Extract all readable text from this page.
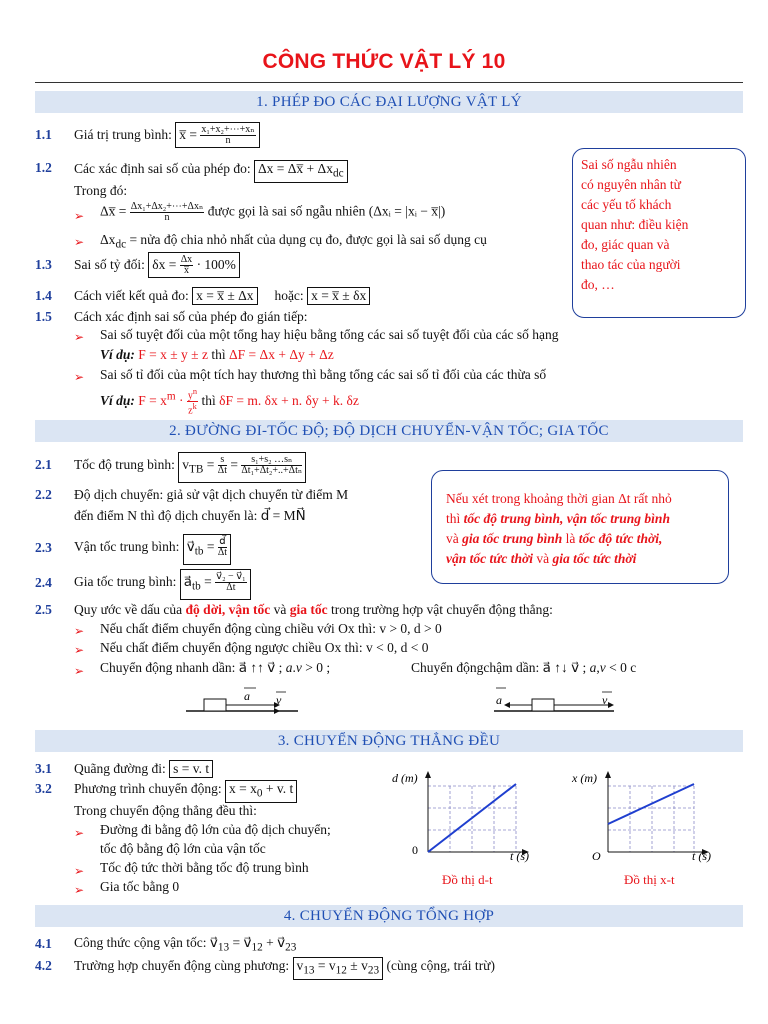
CÔNG THỨC VẬT LÝ 10
1. PHÉP ĐO CÁC ĐẠI LƯỢNG VẬT LÝ
1.1 Giá trị trung bình: x̅ = $\frac{\text{x₁+x₂+⋯+xₙ}}{n}$
1.2 Các xác định sai số của phép đo: Δx = Δx̅ + $\Delta x_{dc}$
Trong đó:
➢ Δx̅ = $\frac{\text{Δx₁+Δx₂+⋯+Δxₙ}}{n}$ được gọi là sai số ngẫu nhiên (Δxᵢ = |xᵢ − x̅|)
➢ $\Delta x_{dc}$ = nửa độ chia nhỏ nhất của dụng cụ đo, được gọi là sai số dụng cụ
1.3 Sai số tỷ đối: $\delta x = \frac{\Delta x}{x̅} \cdot 100\%$
1.4 Cách viết kết quả đo: x = x̅ ± Δx hoặc: x = x̅ ± δx
1.5 Cách xác định sai số của phép đo gián tiếp:
➢ Sai số tuyệt đối của một tổng hay hiệu bằng tổng các sai số tuyệt đối của các số hạng
Ví dụ: F = x ± y ± z thì ΔF = Δx + Δy + Δz
➢ Sai số tỉ đối của một tích hay thương thì bằng tổng các sai số tỉ đối của các thừa số
Ví dụ: $F = x^m \cdot \frac{y^n}{z^k}$ thì δF = m. δx + n. δy + k. δz
Sai số ngẫu nhiên
có nguyên nhân từ
các yếu tố khách
quan như: điều kiện
đo, giác quan và
thao tác của người
đo, …
2. ĐƯỜNG ĐI-TỐC ĐỘ; ĐỘ DỊCH CHUYỂN-VẬN TỐC; GIA TỐC
2.1 Tốc độ trung bình: $v_{TB} = \frac{s}{\Delta t} = \frac{\text{s₁+s₂ …sₙ}}{\text{Δt₁+Δt₂+..+Δtₙ}}$
2.2 Độ dịch chuyển: giả sử vật dịch chuyển từ điểm M
đến điểm N thì độ dịch chuyển là: d⃗ = MN⃗
2.3 Vận tốc trung bình: $v⃗_{tb} = \frac{d⃗}{\Delta t}$
2.4 Gia tốc trung bình: $a⃗_{tb} = \frac{\text{v⃗₂ − v⃗₁}}{\Delta t}$
Nếu xét trong khoảng thời gian Δt rất nhỏ
thì tốc độ trung bình, vận tốc trung bình
và gia tốc trung bình là tốc độ tức thời,
vận tốc tức thời và gia tốc tức thời
2.5 Quy ước về dấu của độ dời, vận tốc và gia tốc trong trường hợp vật chuyển động thẳng:
➢ Nếu chất điểm chuyển động cùng chiều với Ox thì: v > 0, d > 0
➢ Nếu chất điểm chuyển động ngược chiều Ox thì: v < 0, d < 0
➢ Chuyển động nhanh dần: a⃗ ↑↑ v⃗ ; a.v > 0 ;	Chuyển độngchậm dần: a⃗ ↑↓ v⃗ ; a,v < 0 c
a v	a	v
3. CHUYỂN ĐỘNG THẲNG ĐỀU
3.1 Quãng đường đi: s = v. t
3.2 Phương trình chuyển động: $x = x_0 + v$. t
Trong chuyển động thẳng đều thì:
➢ Đường đi bằng độ lớn của độ dịch chuyển;
tốc độ bằng độ lớn của vận tốc
➢ Tốc độ tức thời bằng tốc độ trung bình
➢ Gia tốc bằng 0
d (m)
0	t (s)
Đồ thị d-t
x (m)
O	t (s)
Đồ thị x-t
4. CHUYỂN ĐỘNG TỔNG HỢP
4.1 Công thức cộng vận tốc: $v⃗_{13}$ = $v⃗_{12}$ + $v⃗_{23}$
4.2 Trường hợp chuyển động cùng phương: $v_{13} = v_{12} \pm v_{23}$ (cùng cộng, trái trừ)
